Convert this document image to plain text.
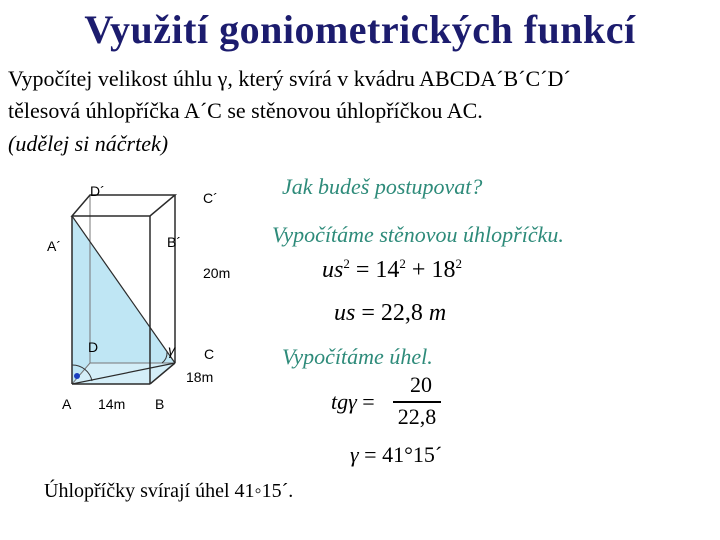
Využití goniometrických funkcí
Vypočítej velikost úhlu γ, který svírá v kvádru ABCDA´B´C´D´
tělesová úhlopříčka A´C se stěnovou úhlopříčkou AC.
(udělej si náčrtek)
γ
D´	C´
A´	B´
D	C
A	B
20m
14m
18m
Jak budeš postupovat?
Vypočítáme stěnovou úhlopříčku.
$us^2 = 14^2 + 18^2$
us = 22,8 m
Vypočítáme úhel.
tgγ =
20
22,8
γ = 41°15´
Úhlopříčky svírají úhel 41◦15´.
